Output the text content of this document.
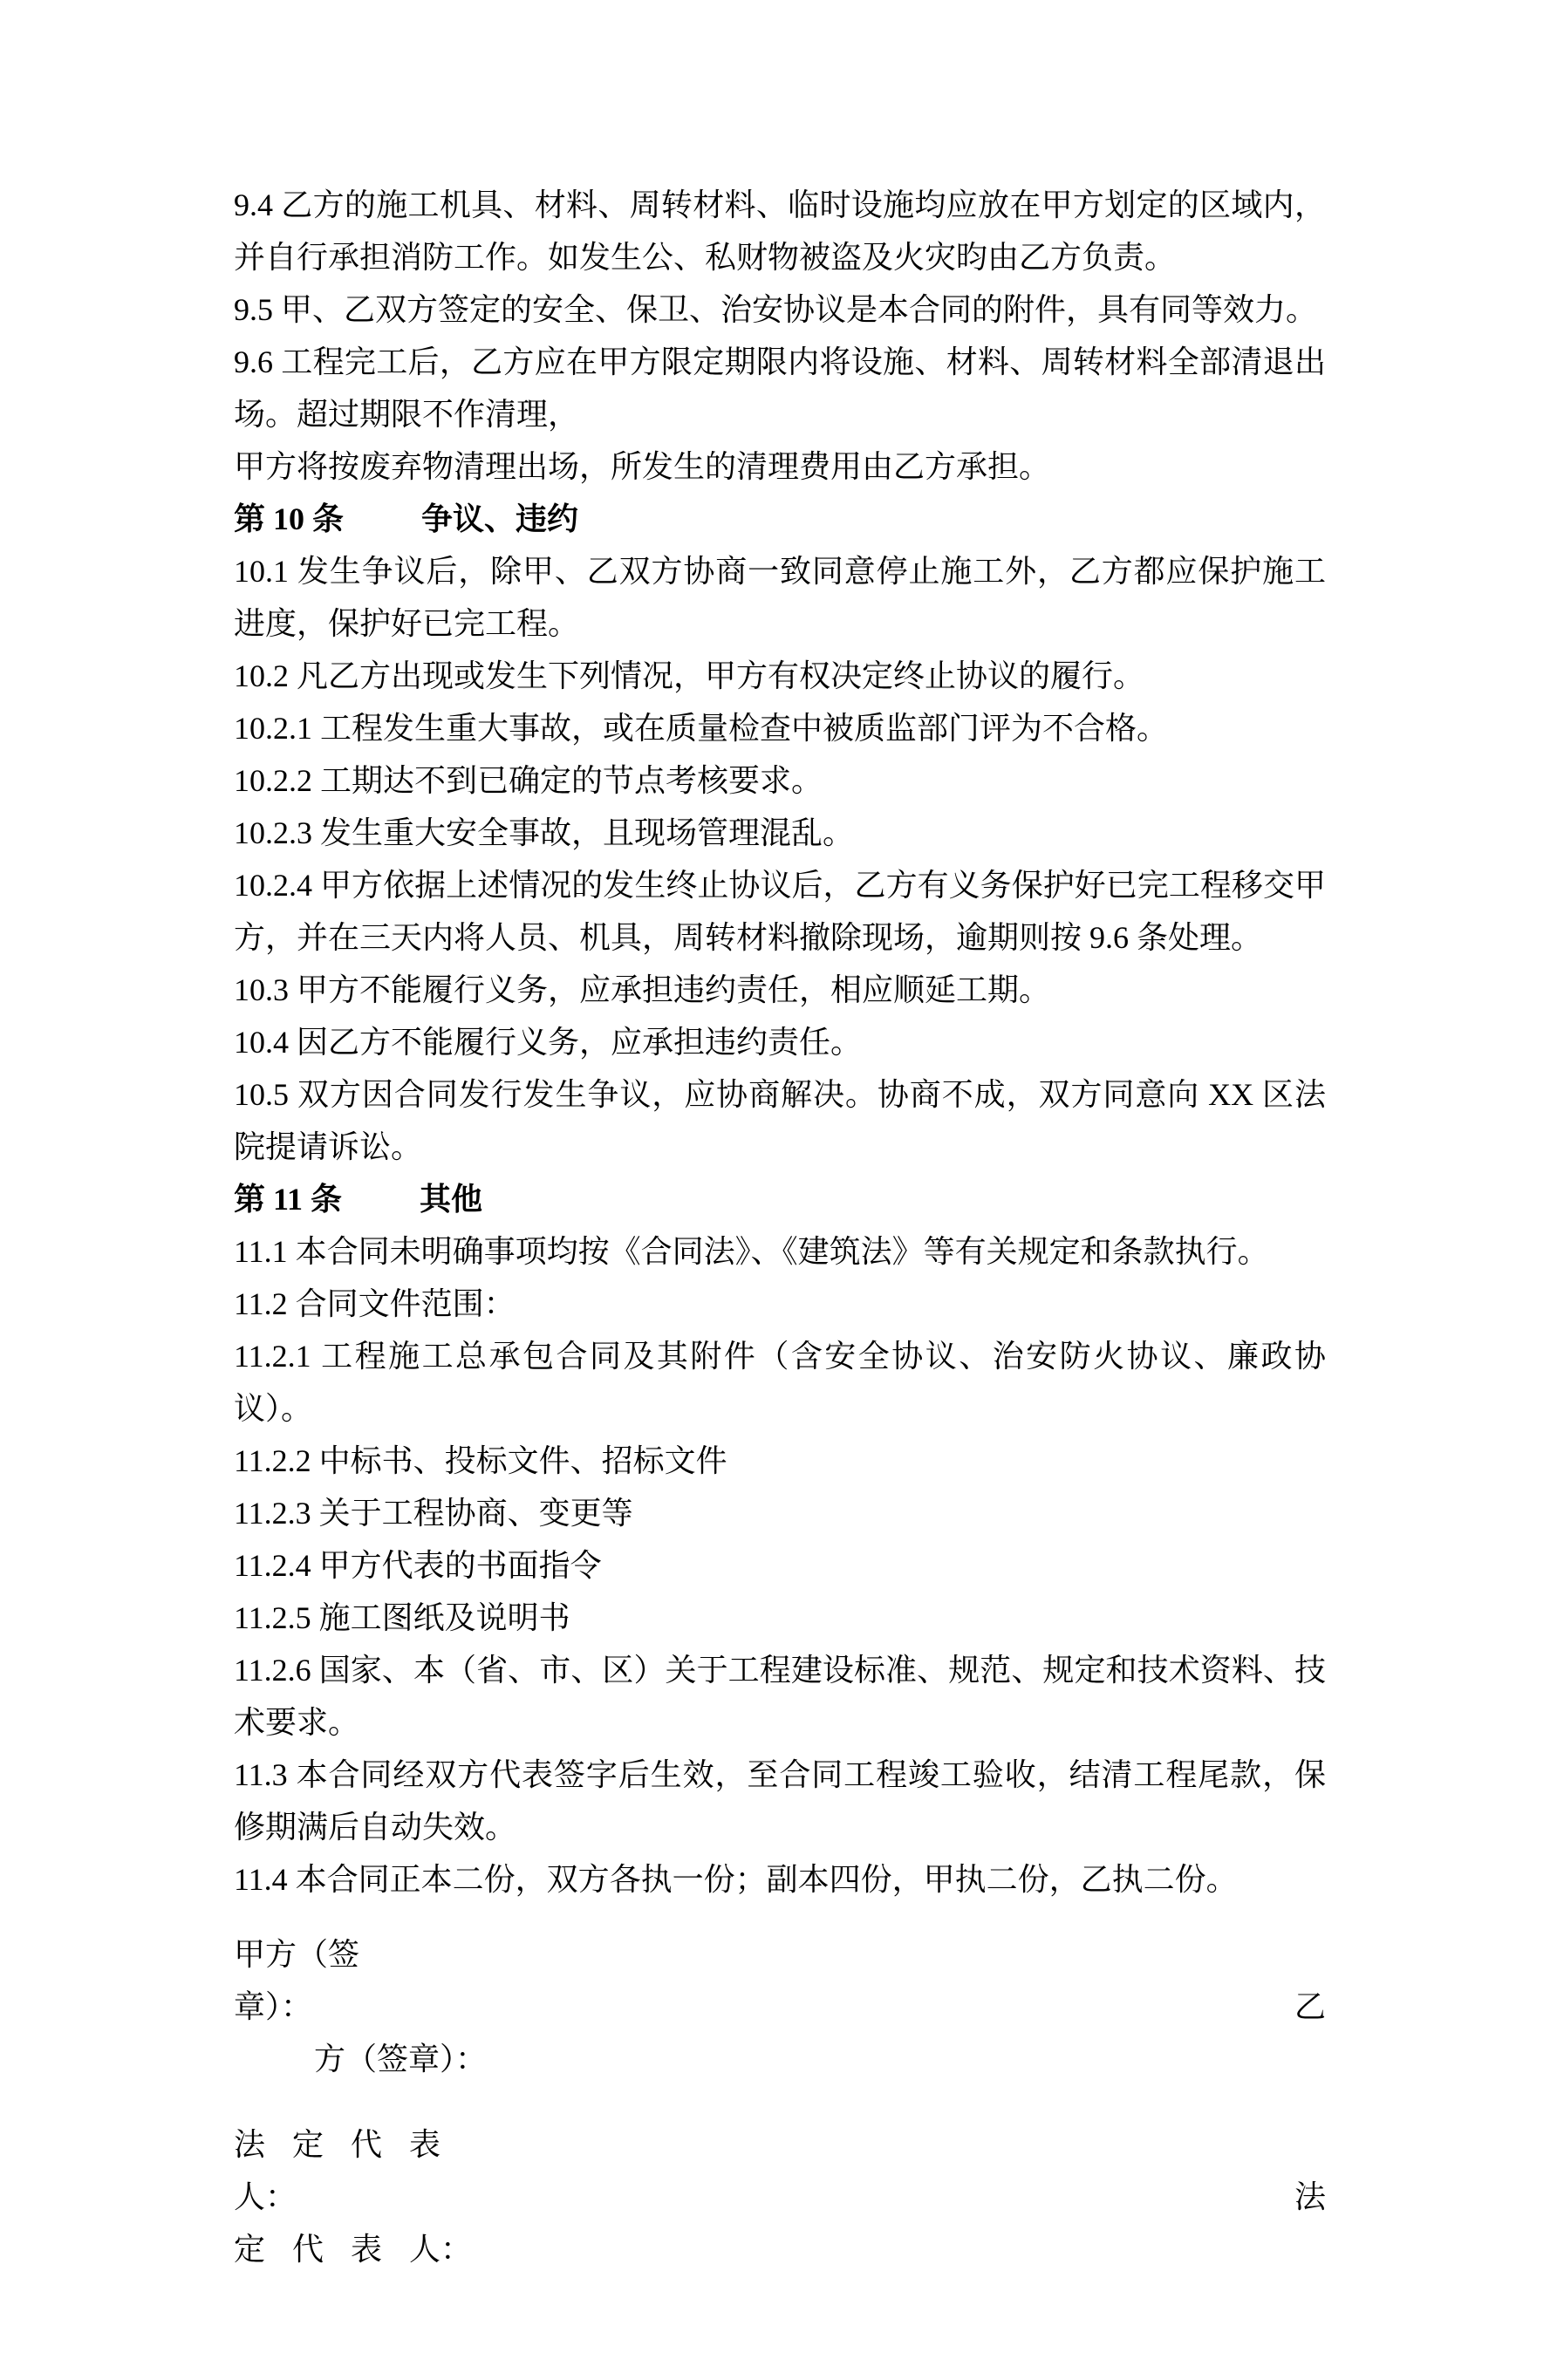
9.4 乙方的施工机具、材料、周转材料、临时设施均应放在甲方划定的区域内，并自行承担消防工作。如发生公、私财物被盗及火灾昀由乙方负责。

9.5 甲、乙双方签定的安全、保卫、治安协议是本合同的附件，具有同等效力。

9.6 工程完工后，乙方应在甲方限定期限内将设施、材料、周转材料全部清退出场。超过期限不作清理，

甲方将按废弃物清理出场，所发生的清理费用由乙方承担。

第 10 条 争议、违约

10.1 发生争议后，除甲、乙双方协商一致同意停止施工外，乙方都应保护施工进度，保护好已完工程。

10.2 凡乙方出现或发生下列情况，甲方有权决定终止协议的履行。

10.2.1 工程发生重大事故，或在质量检查中被质监部门评为不合格。

10.2.2 工期达不到已确定的节点考核要求。

10.2.3 发生重大安全事故，且现场管理混乱。

10.2.4 甲方依据上述情况的发生终止协议后，乙方有义务保护好已完工程移交甲方，并在三天内将人员、机具，周转材料撤除现场，逾期则按 9.6 条处理。

10.3 甲方不能履行义务，应承担违约责任，相应顺延工期。

10.4 因乙方不能履行义务，应承担违约责任。

10.5 双方因合同发行发生争议，应协商解决。协商不成，双方同意向 XX 区法院提请诉讼。

第 11 条 其他

11.1 本合同未明确事项均按《合同法》、《建筑法》等有关规定和条款执行。

11.2 合同文件范围：

11.2.1 工程施工总承包合同及其附件（含安全协议、治安防火协议、廉政协议）。

11.2.2 中标书、投标文件、招标文件

11.2.3 关于工程协商、变更等

11.2.4 甲方代表的书面指令

11.2.5 施工图纸及说明书

11.2.6 国家、本（省、市、区）关于工程建设标准、规范、规定和技术资料、技术要求。

11.3 本合同经双方代表签字后生效，至合同工程竣工验收，结清工程尾款，保修期满后自动失效。

11.4 本合同正本二份，双方各执一份；副本四份，甲执二份，乙执二份。

甲方（签

章）：	乙

方（签章）：

法 定 代 表

人：	法

定 代 表 人：
